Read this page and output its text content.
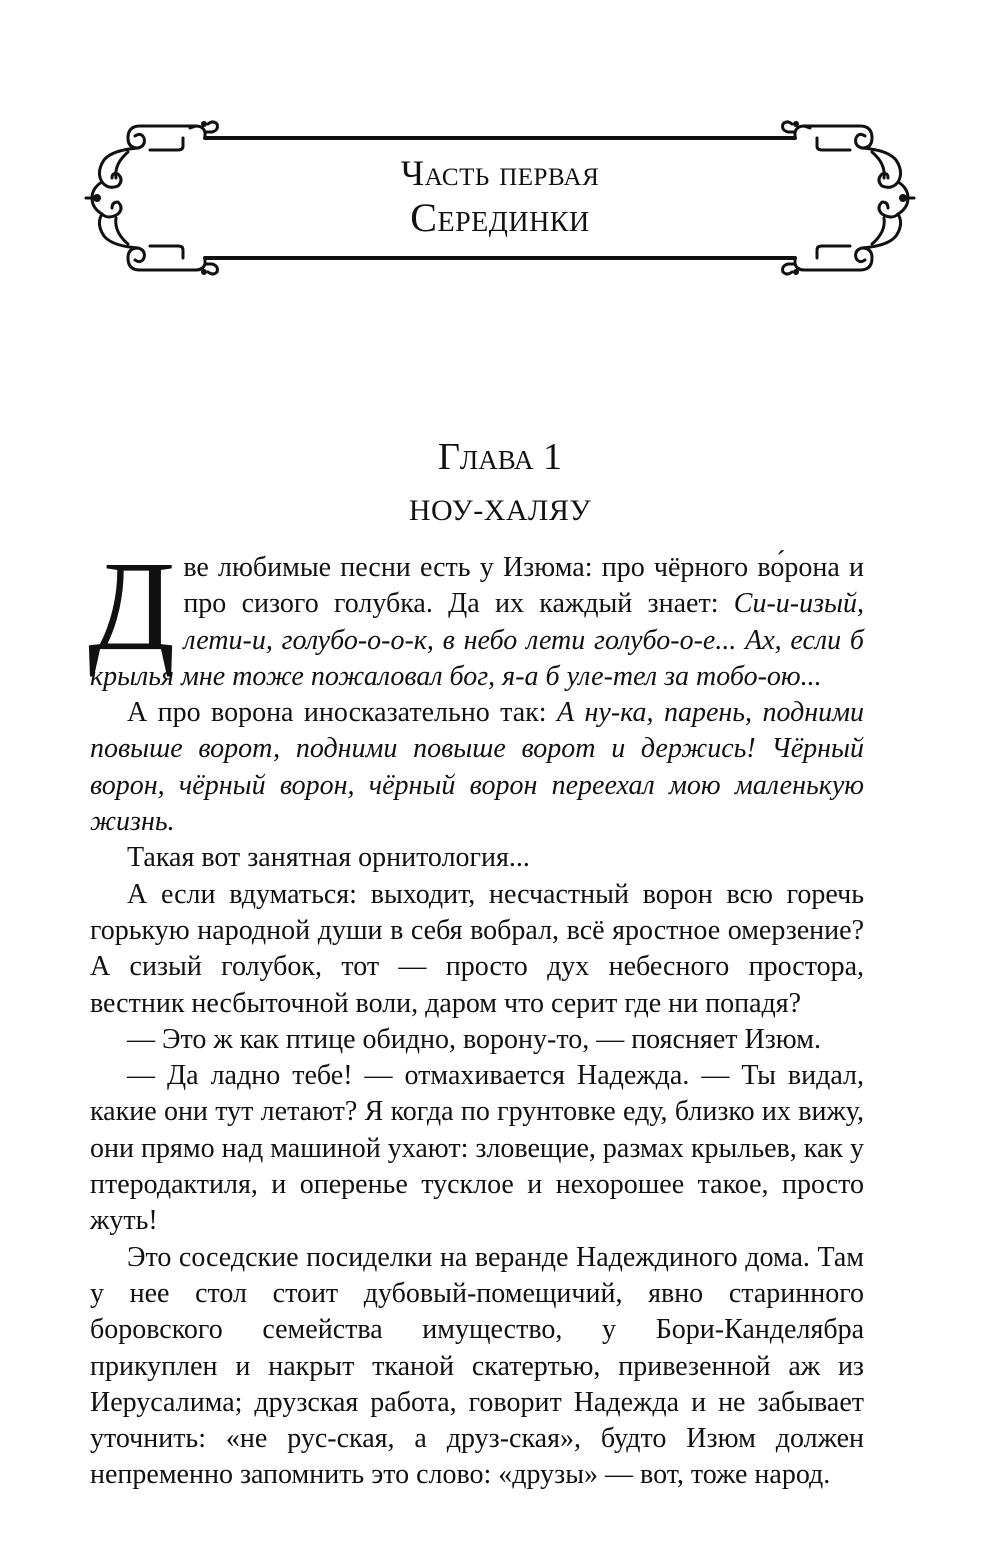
Часть первая
Серединки
Глава 1
НОУ-ХАЛЯУ

Две любимые песни есть у Изюма: про чёрного во́рона и про сизого голубка. Да их каждый знает: Си-и-изый, лети-и, голубо-о-о-к, в небо лети голубо-о-е... Ах, если б крылья мне тоже пожаловал бог, я-а б уле-тел за тобо-ою...

А про ворона иносказательно так: А ну-ка, парень, подними повыше ворот, подними повыше ворот и держись! Чёрный ворон, чёрный ворон, чёрный ворон переехал мою маленькую жизнь.

Такая вот занятная орнитология...

А если вдуматься: выходит, несчастный ворон всю горечь горькую народной души в себя вобрал, всё яростное омерзение? А сизый голубок, тот — просто дух небесного простора, вестник несбыточной воли, даром что серит где ни попадя?

— Это ж как птице обидно, ворону-то, — поясняет Изюм.

— Да ладно тебе! — отмахивается Надежда. — Ты видал, какие они тут летают? Я когда по грунтовке еду, близко их вижу, они прямо над машиной ухают: зловещие, размах крыльев, как у птеродактиля, и оперенье тусклое и нехорошее такое, просто жуть!

Это соседские посиделки на веранде Надеждиного дома. Там у нее стол стоит дубовый-помещичий, явно старинного боровского семейства имущество, у Бори-Канделябра прикуплен и накрыт тканой скатертью, привезенной аж из Иерусалима; друзская работа, говорит Надежда и не забывает уточнить: «не рус-ская, а друз-ская», будто Изюм должен непременно запомнить это слово: «друзы» — вот, тоже народ.
